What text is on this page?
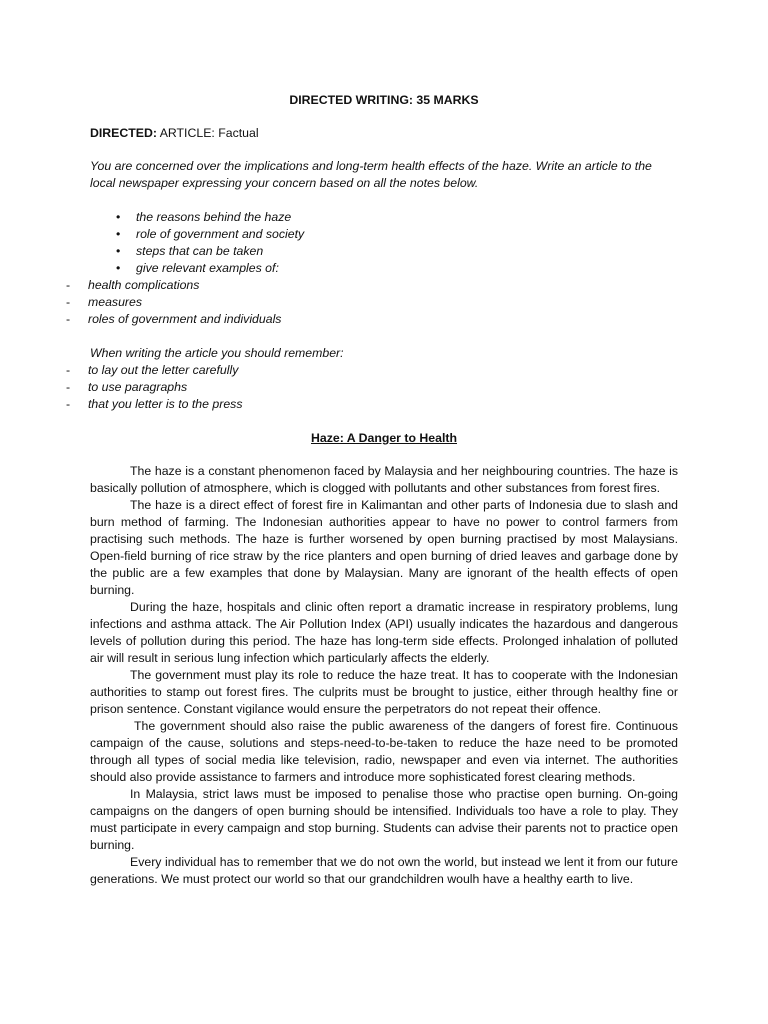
DIRECTED WRITING: 35 MARKS
DIRECTED: ARTICLE: Factual
You are concerned over the implications and long-term health effects of the haze. Write an article to the local newspaper expressing your concern based on all the notes below.
• the reasons behind the haze
• role of government and society
• steps that can be taken
• give relevant examples of:
- health complications
- measures
- roles of government and individuals
When writing the article you should remember:
- to lay out the letter carefully
- to use paragraphs
- that you letter is to the press
Haze: A Danger to Health

The haze is a constant phenomenon faced by Malaysia and her neighbouring countries. The haze is basically pollution of atmosphere, which is clogged with pollutants and other substances from forest fires.

The haze is a direct effect of forest fire in Kalimantan and other parts of Indonesia due to slash and burn method of farming. The Indonesian authorities appear to have no power to control farmers from practising such methods. The haze is further worsened by open burning practised by most Malaysians. Open-field burning of rice straw by the rice planters and open burning of dried leaves and garbage done by the public are a few examples that done by Malaysian. Many are ignorant of the health effects of open burning.

During the haze, hospitals and clinic often report a dramatic increase in respiratory problems, lung infections and asthma attack. The Air Pollution Index (API) usually indicates the hazardous and dangerous levels of pollution during this period. The haze has long-term side effects. Prolonged inhalation of polluted air will result in serious lung infection which particularly affects the elderly.

The government must play its role to reduce the haze treat. It has to cooperate with the Indonesian authorities to stamp out forest fires. The culprits must be brought to justice, either through healthy fine or prison sentence. Constant vigilance would ensure the perpetrators do not repeat their offence.

The government should also raise the public awareness of the dangers of forest fire. Continuous campaign of the cause, solutions and steps-need-to-be-taken to reduce the haze need to be promoted through all types of social media like television, radio, newspaper and even via internet. The authorities should also provide assistance to farmers and introduce more sophisticated forest clearing methods.

In Malaysia, strict laws must be imposed to penalise those who practise open burning. On-going campaigns on the dangers of open burning should be intensified. Individuals too have a role to play. They must participate in every campaign and stop burning. Students can advise their parents not to practice open burning.

Every individual has to remember that we do not own the world, but instead we lent it from our future generations. We must protect our world so that our grandchildren woulh have a healthy earth to live.
